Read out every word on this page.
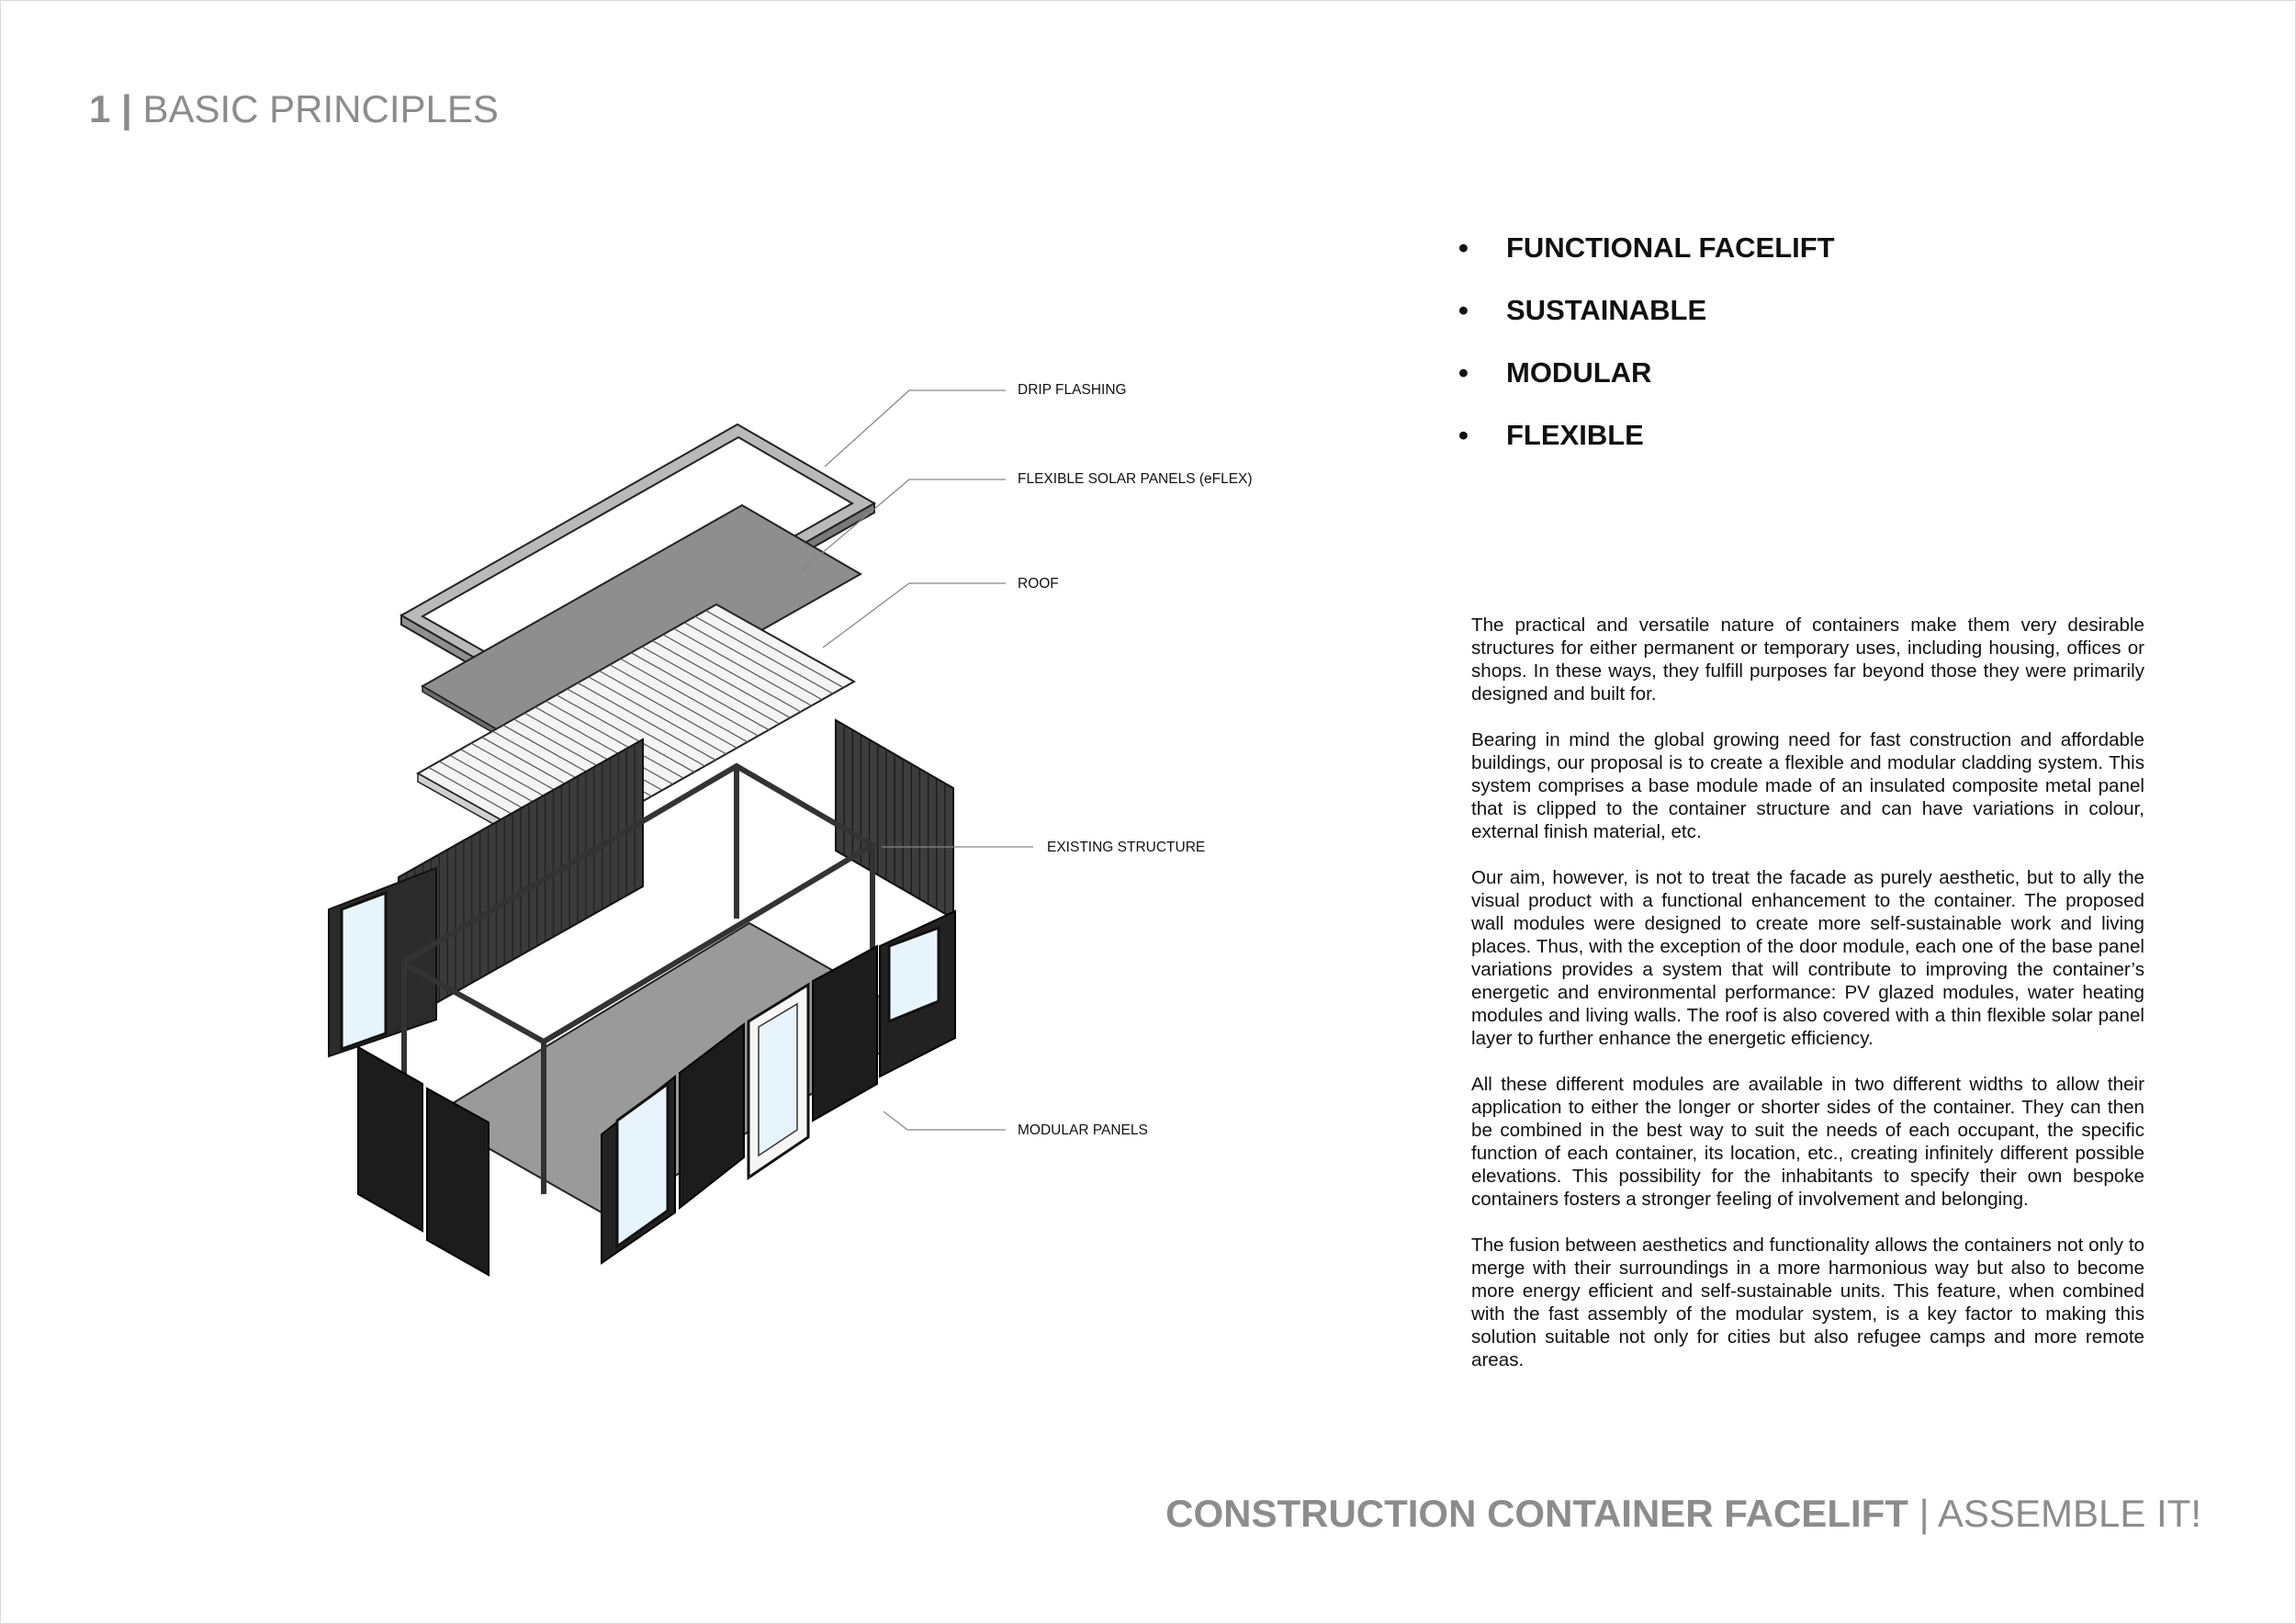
1 | BASIC PRINCIPLES
• FUNCTIONAL FACELIFT
• SUSTAINABLE
• MODULAR
• FLEXIBLE
DRIP FLASHING
FLEXIBLE SOLAR PANELS (eFLEX)
ROOF
EXISTING STRUCTURE
MODULAR PANELS

The practical and versatile nature of containers make them very desirable structures for either permanent or temporary uses, including housing, offices or shops. In these ways, they fulfill purposes far beyond those they were primarily designed and built for.

Bearing in mind the global growing need for fast construction and affordable buildings, our proposal is to create a flexible and modular cladding system. This system comprises a base module made of an insulated composite metal panel that is clipped to the container structure and can have variations in colour, external finish material, etc.

Our aim, however, is not to treat the facade as purely aesthetic, but to ally the visual product with a functional enhancement to the container. The proposed wall modules were designed to create more self-sustainable work and living places. Thus, with the exception of the door module, each one of the base panel variations provides a system that will contribute to improving the container’s energetic and environmental performance: PV glazed modules, water heating modules and living walls. The roof is also covered with a thin flexible solar panel layer to further enhance the energetic efficiency.

All these different modules are available in two different widths to allow their application to either the longer or shorter sides of the container. They can then be combined in the best way to suit the needs of each occupant, the specific function of each container, its location, etc., creating infinitely different possible elevations. This possibility for the inhabitants to specify their own bespoke containers fosters a stronger feeling of involvement and belonging.

The fusion between aesthetics and functionality allows the containers not only to merge with their surroundings in a more harmonious way but also to become more energy efficient and self-sustainable units. This feature, when combined with the fast assembly of the modular system, is a key factor to making this solution suitable not only for cities but also refugee camps and more remote areas.

CONSTRUCTION CONTAINER FACELIFT | ASSEMBLE IT!
